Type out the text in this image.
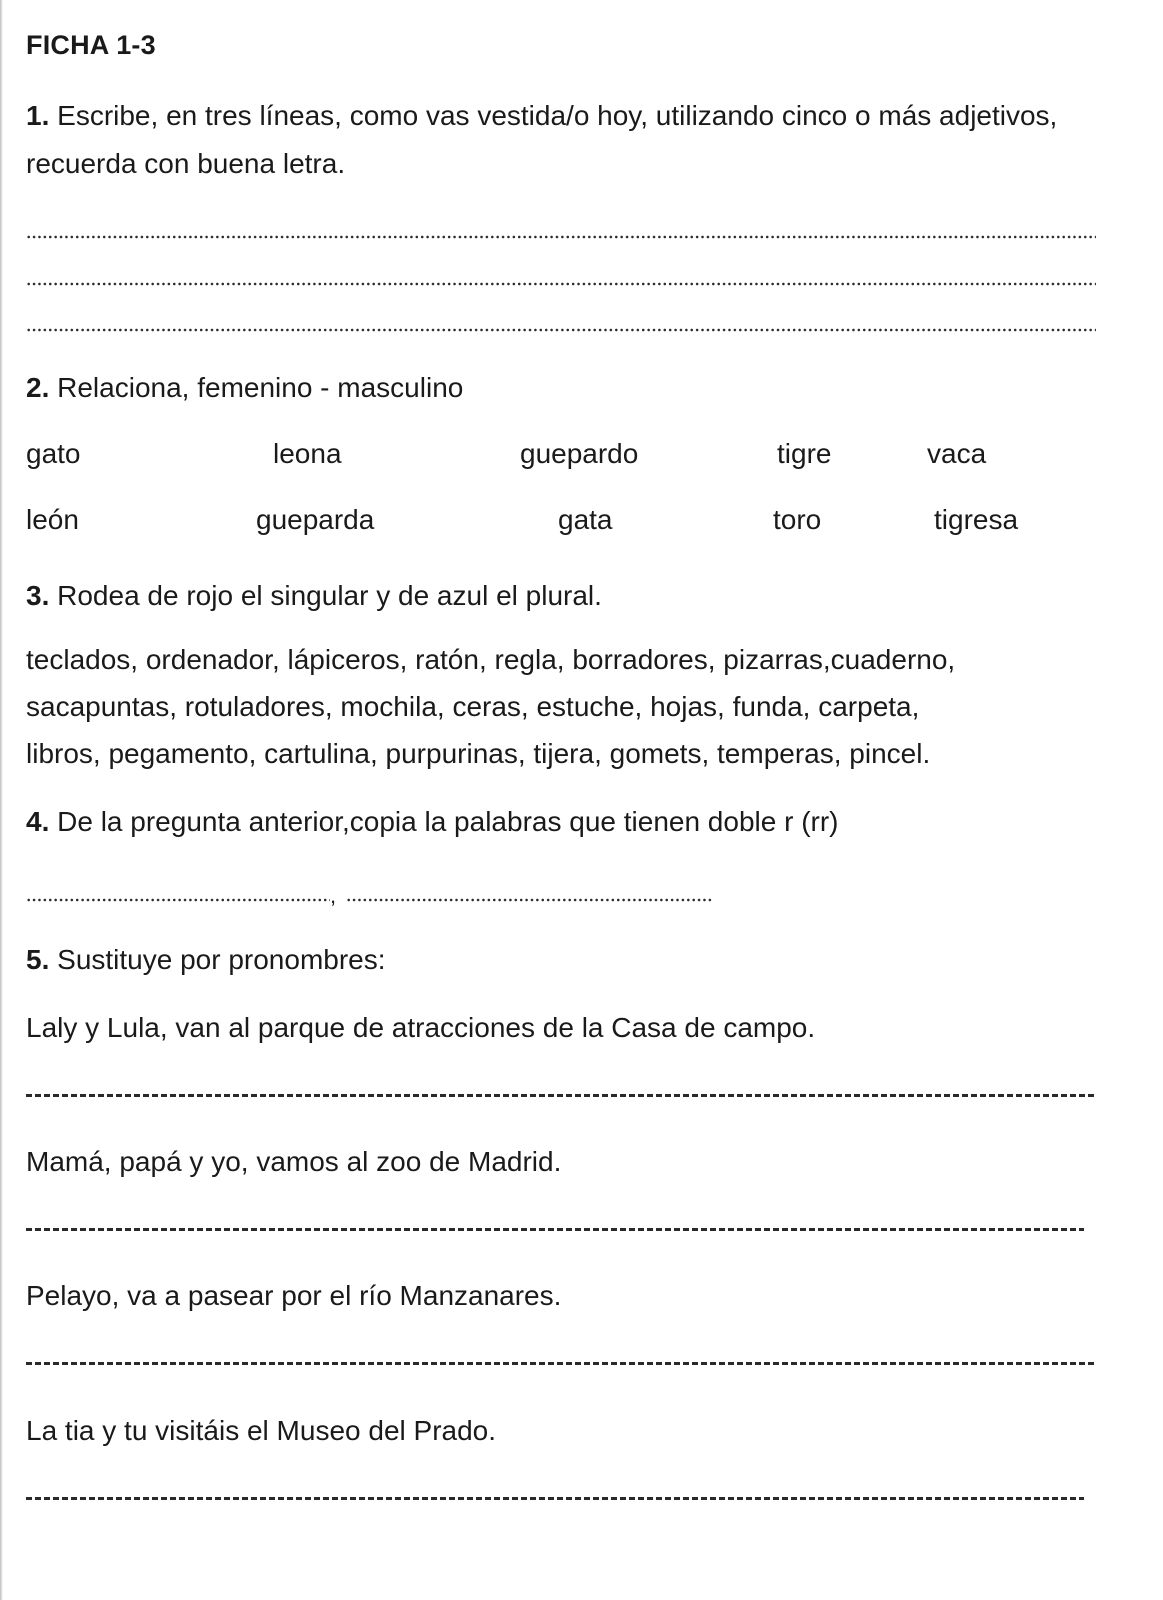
FICHA 1-3
1. Escribe, en tres líneas, como vas vestida/o hoy, utilizando cinco o más adjetivos, recuerda con buena letra.
2. Relaciona, femenino - masculino
gato	leona	guepardo	tigre	vaca
león	gueparda	gata	toro	tigresa
3. Rodea de rojo el singular y de azul el plural.
teclados, ordenador, lápiceros, ratón, regla, borradores, pizarras,cuaderno,
sacapuntas, rotuladores, mochila, ceras, estuche, hojas, funda, carpeta,
libros, pegamento, cartulina, purpurinas, tijera, gomets, temperas, pincel.
4. De la pregunta anterior,copia la palabras que tienen doble r (rr)
,
5. Sustituye por pronombres:
Laly y Lula, van al parque de atracciones de la Casa de campo.
Mamá, papá y yo, vamos al zoo de Madrid.
Pelayo, va a pasear por el río Manzanares.
La tia y tu visitáis el Museo del Prado.
